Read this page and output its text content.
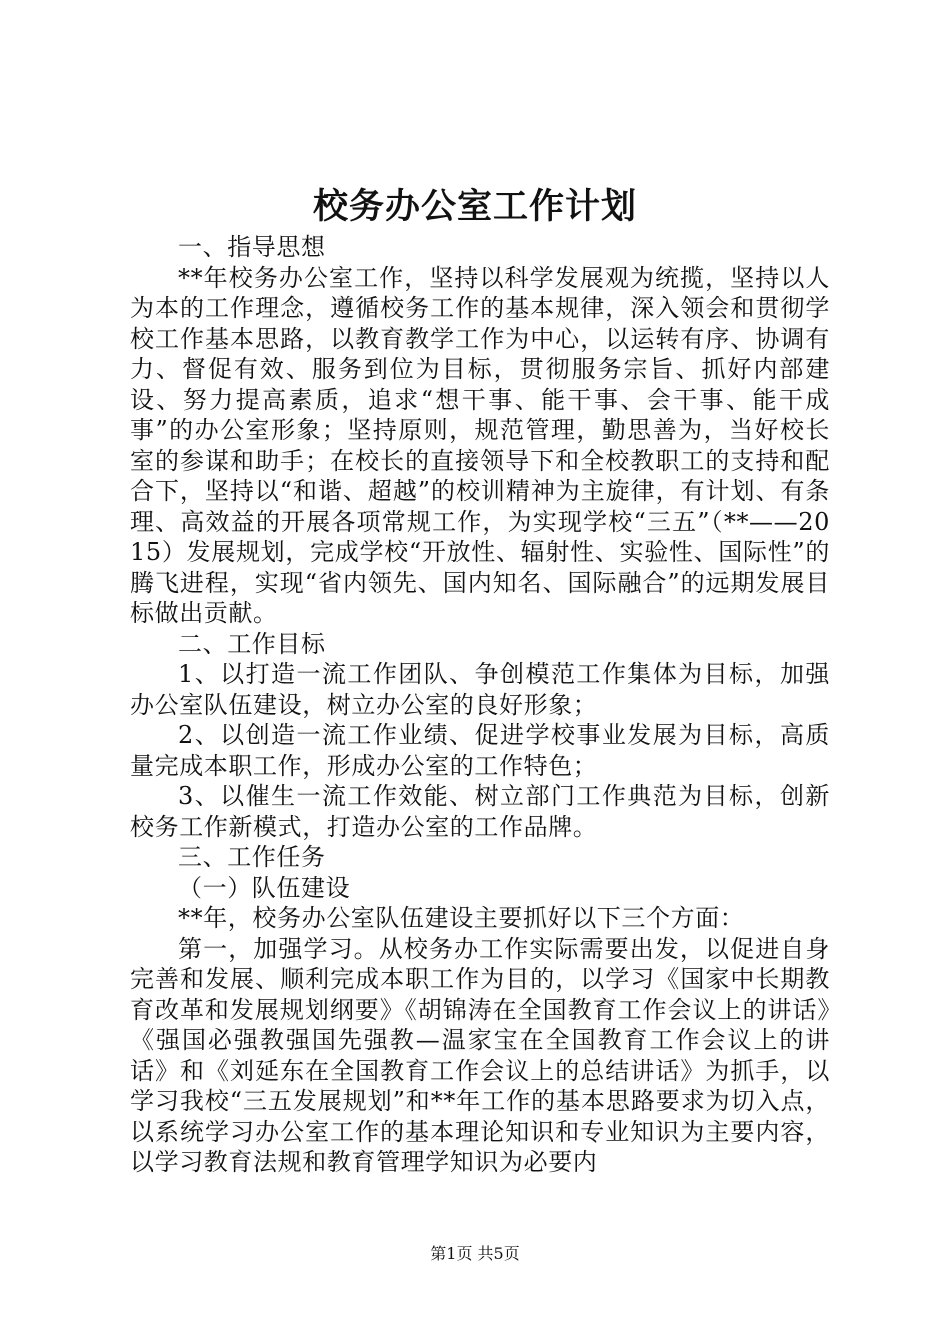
校务办公室工作计划

一、指导思想

**年校务办公室工作，坚持以科学发展观为统揽，坚持以人为本的工作理念，遵循校务工作的基本规律，深入领会和贯彻学校工作基本思路，以教育教学工作为中心，以运转有序、协调有力、督促有效、服务到位为目标，贯彻服务宗旨、抓好内部建设、努力提高素质，追求“想干事、能干事、会干事、能干成事”的办公室形象；坚持原则，规范管理，勤思善为，当好校长室的参谋和助手；在校长的直接领导下和全校教职工的支持和配合下，坚持以“和谐、超越”的校训精神为主旋律，有计划、有条理、高效益的开展各项常规工作，为实现学校“三五”（**——2015）发展规划，完成学校“开放性、辐射性、实验性、国际性”的腾飞进程，实现“省内领先、国内知名、国际融合”的远期发展目标做出贡献。

二、工作目标

1、以打造一流工作团队、争创模范工作集体为目标，加强办公室队伍建设，树立办公室的良好形象；

2、以创造一流工作业绩、促进学校事业发展为目标，高质量完成本职工作，形成办公室的工作特色；

3、以催生一流工作效能、树立部门工作典范为目标，创新校务工作新模式，打造办公室的工作品牌。

三、工作任务

（一）队伍建设

**年，校务办公室队伍建设主要抓好以下三个方面：

第一，加强学习。从校务办工作实际需要出发，以促进自身完善和发展、顺利完成本职工作为目的，以学习《国家中长期教育改革和发展规划纲要》《胡锦涛在全国教育工作会议上的讲话》《强国必强教强国先强教—温家宝在全国教育工作会议上的讲话》和《刘延东在全国教育工作会议上的总结讲话》为抓手，以学习我校“三五发展规划”和**年工作的基本思路要求为切入点，以系统学习办公室工作的基本理论知识和专业知识为主要内容，以学习教育法规和教育管理学知识为必要内

第1页 共5页
